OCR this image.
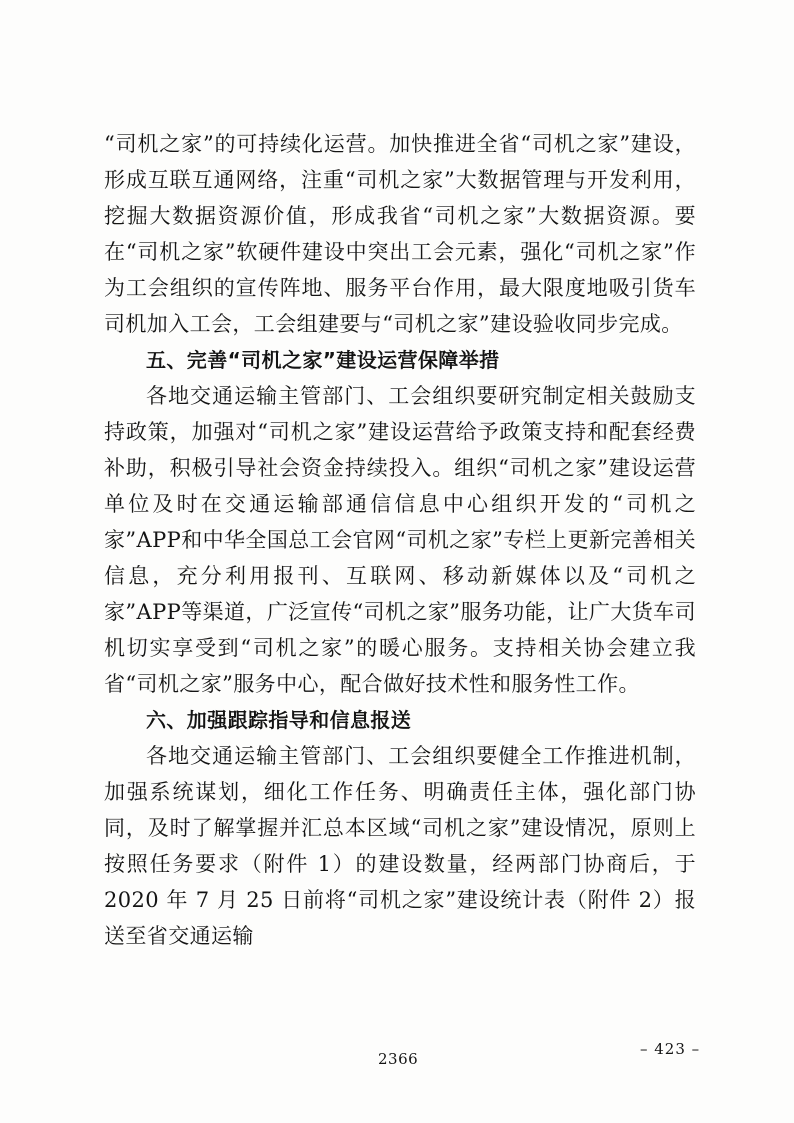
“司机之家”的可持续化运营。加快推进全省“司机之家”建设，形成互联互通网络，注重“司机之家”大数据管理与开发利用，挖掘大数据资源价值，形成我省“司机之家”大数据资源。要在“司机之家”软硬件建设中突出工会元素，强化“司机之家”作为工会组织的宣传阵地、服务平台作用，最大限度地吸引货车司机加入工会，工会组建要与“司机之家”建设验收同步完成。

五、完善“司机之家”建设运营保障举措

各地交通运输主管部门、工会组织要研究制定相关鼓励支持政策，加强对“司机之家”建设运营给予政策支持和配套经费补助，积极引导社会资金持续投入。组织“司机之家”建设运营单位及时在交通运输部通信信息中心组织开发的“司机之家”APP和中华全国总工会官网“司机之家”专栏上更新完善相关信息，充分利用报刊、互联网、移动新媒体以及“司机之家”APP等渠道，广泛宣传“司机之家”服务功能，让广大货车司机切实享受到“司机之家”的暖心服务。支持相关协会建立我省“司机之家”服务中心，配合做好技术性和服务性工作。

六、加强跟踪指导和信息报送

各地交通运输主管部门、工会组织要健全工作推进机制，加强系统谋划，细化工作任务、明确责任主体，强化部门协同，及时了解掌握并汇总本区域“司机之家”建设情况，原则上按照任务要求（附件 1）的建设数量，经两部门协商后，于 2020 年 7 月 25 日前将“司机之家”建设统计表（附件 2）报送至省交通运输

– 423 –
2366
